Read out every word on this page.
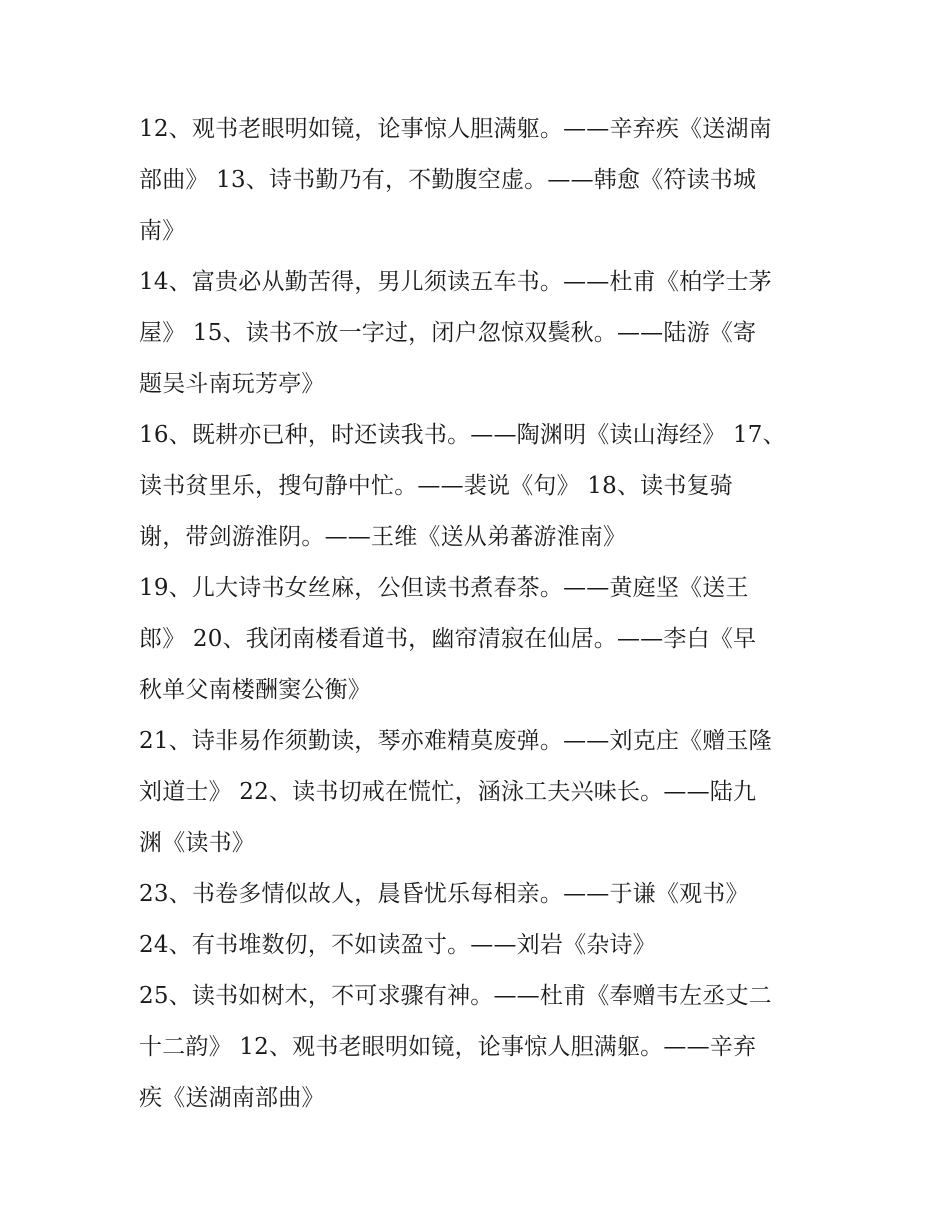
12、观书老眼明如镜，论事惊人胆满躯。——辛弃疾《送湖南
部曲》 13、诗书勤乃有，不勤腹空虚。——韩愈《符读书城
南》
14、富贵必从勤苦得，男儿须读五车书。——杜甫《柏学士茅
屋》 15、读书不放一字过，闭户忽惊双鬓秋。——陆游《寄
题吴斗南玩芳亭》
16、既耕亦已种，时还读我书。——陶渊明《读山海经》 17、
读书贫里乐，搜句静中忙。——裴说《句》 18、读书复骑
谢，带剑游淮阴。——王维《送从弟蕃游淮南》
19、儿大诗书女丝麻，公但读书煮春茶。——黄庭坚《送王
郎》 20、我闭南楼看道书，幽帘清寂在仙居。——李白《早
秋单父南楼酬窦公衡》
21、诗非易作须勤读，琴亦难精莫废弹。——刘克庄《赠玉隆
刘道士》 22、读书切戒在慌忙，涵泳工夫兴味长。——陆九
渊《读书》
23、书卷多情似故人，晨昏忧乐每相亲。——于谦《观书》
24、有书堆数仞，不如读盈寸。——刘岩《杂诗》
25、读书如树木，不可求骤有神。——杜甫《奉赠韦左丞丈二
十二韵》 12、观书老眼明如镜，论事惊人胆满躯。——辛弃
疾《送湖南部曲》
